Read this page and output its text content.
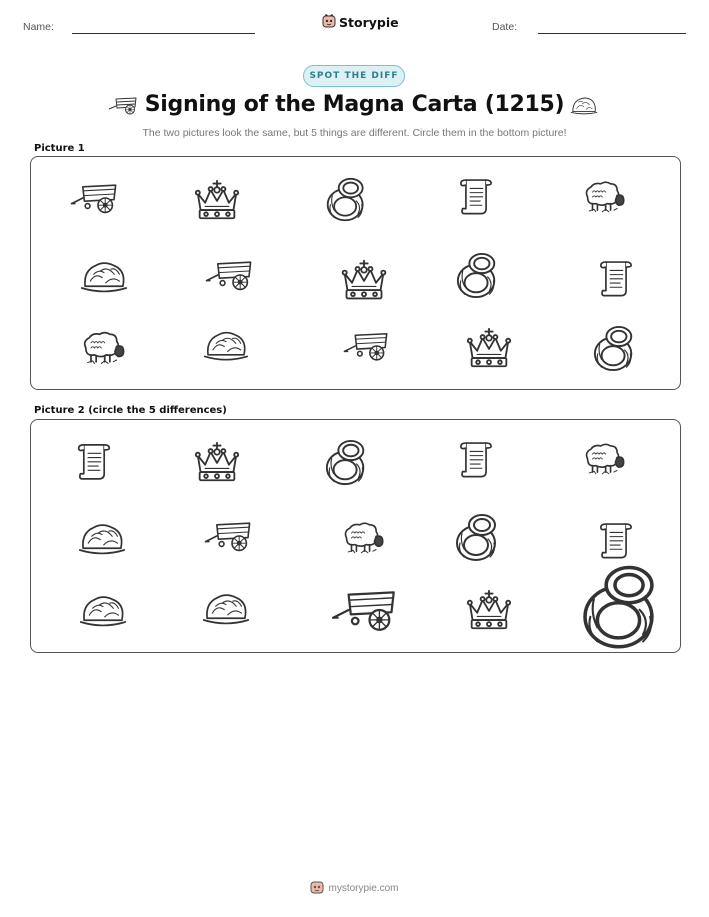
Name:	Storypie	Date:
SPOT THE DIFF
Signing of the Magna Carta (1215)
The two pictures look the same, but 5 things are different. Circle them in the bottom picture!
Picture 1
Picture 2 (circle the 5 differences)
mystorypie.com
